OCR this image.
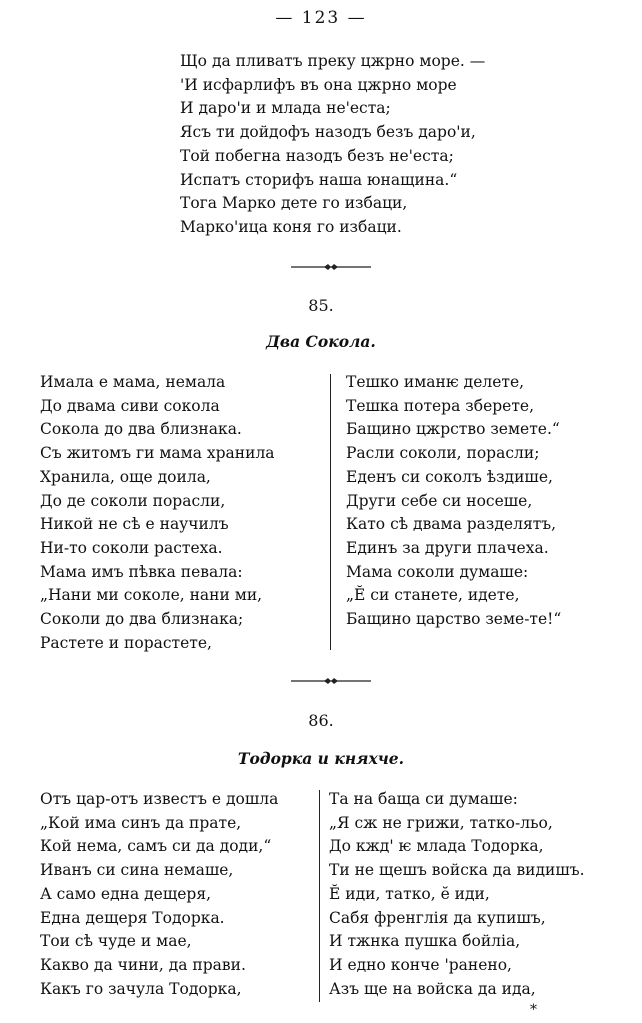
— 123 —
Що да пливатъ преку цжрно море. —
'И исфарлифъ въ она цжрно море
И даро'и и млада не'еста;
Ясъ ти дойдофъ назодъ безъ даро'и,
Той побегна назодъ безъ не'еста;
Испатъ сторифъ наша юнащина.“
Тога Марко дете го избаци,
Марко'ица коня го избаци.
85.
Два Сокола.
Имала е мама, немала
До двама сиви сокола
Сокола до два близнака.
Съ житомъ ги мама хранила
Хранила, още доила,
До де соколи порасли,
Никой не сѣ е научилъ
Ни-то соколи растеха.
Мама имъ пѣвка певала:
„Нани ми соколе, нани ми,
Соколи до два близнака;
Растете и порастете,
Тешко иманѥ делете,
Тешка потера зберете,
Бащино цжрство земете.“
Расли соколи, порасли;
Еденъ си соколъ ѣздише,
Други себе си носеше,
Като сѣ двама разделятъ,
Единъ за други плачеха.
Мама соколи думаше:
„Ӗ си станете, идете,
Бащино царство земе-те!“
86.
Тодорка и княхче.
Отъ цар-отъ известъ е дошла
„Кой има синъ да прате,
Кой нема, самъ си да доди,“
Иванъ си сина немаше,
А само една дещеря,
Една дещеря Тодорка.
Тои сѣ чуде и мае,
Какво да чини, да прави.
Какъ го зачула Тодорка,
Та на баща си думаше:
„Я сж не грижи, татко-льо,
До кжд' ѥ млада Тодорка,
Ти не щешъ войска да видишъ.
Ӗ иди, татко, ӗ иди,
Сабя френглія да купишъ,
И тжнка пушка бойліа,
И едно конче 'ранено,
Азъ ще на войска да ида,
*
